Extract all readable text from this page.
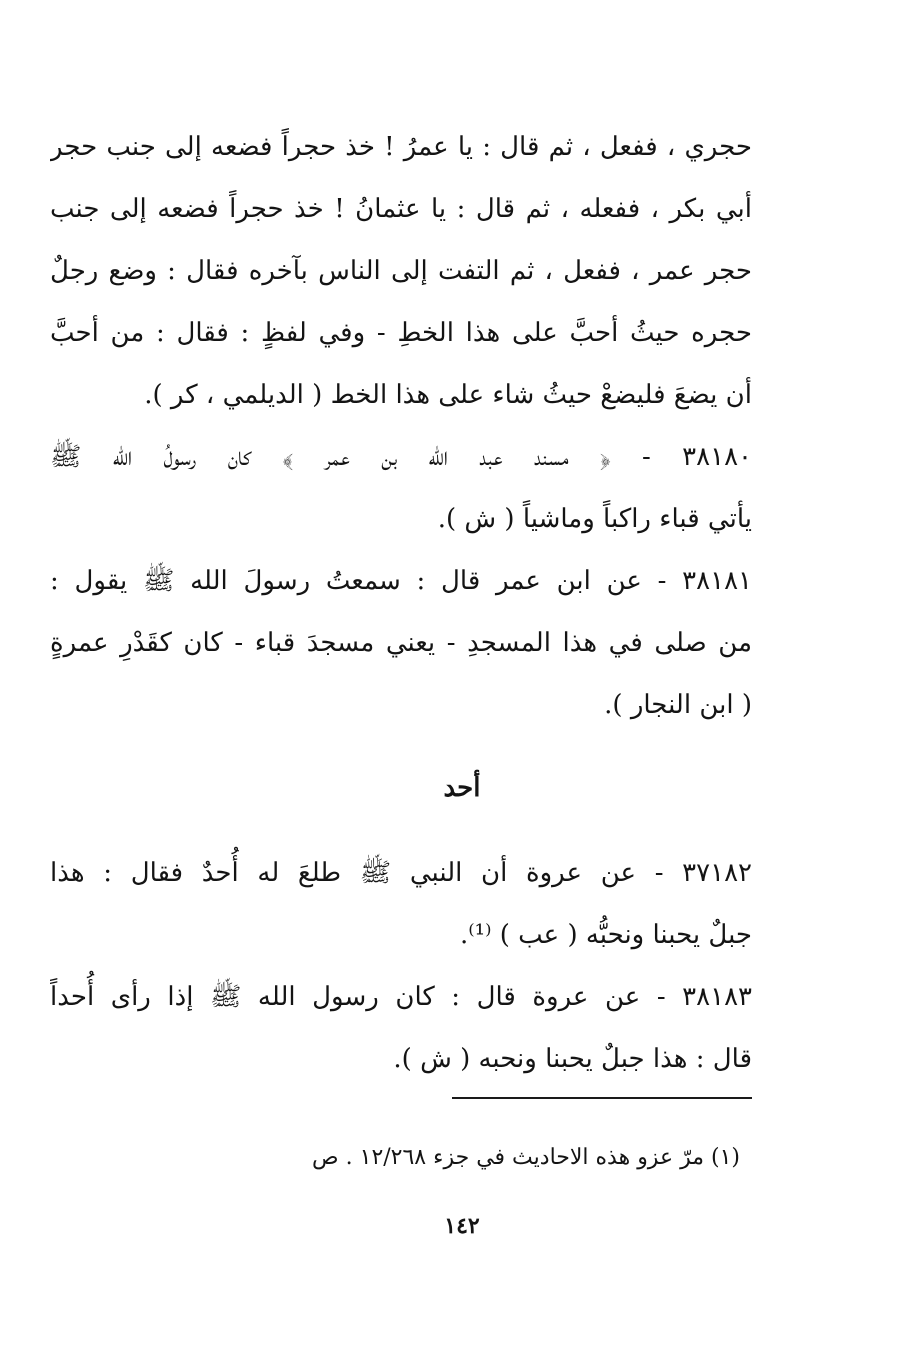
حجري ، ففعل ، ثم قال : يا عمرُ ! خذ حجراً فضعه إلى جنب حجر
أبي بكر ، ففعله ، ثم قال : يا عثمانُ ! خذ حجراً فضعه إلى جنب
حجر عمر ، ففعل ، ثم التفت إلى الناس بآخره فقال : وضع رجلٌ
حجره حيثُ أحبَّ على هذا الخطِ - وفي لفظٍ : فقال : من أحبَّ
أن يضعَ فليضعْ حيثُ شاء على هذا الخط ( الديلمي ، كر ).
٣٨١٨٠ - ﴿ مسند عبد الله بن عمر ﴾ كان رسولُ الله ﷺ
يأتي قباء راكباً وماشياً ( ش ).
٣٨١٨١ - عن ابن عمر قال : سمعتُ رسولَ الله ﷺ يقول :
من صلى في هذا المسجدِ - يعني مسجدَ قباء - كان كقَدْرِ عمرةٍ
( ابن النجار ).
أحد
٣٧١٨٢ - عن عروة أن النبي ﷺ طلعَ له أُحدٌ فقال : هذا
جبلٌ يحبنا ونحبُّه ( عب ) ⁽¹⁾.
٣٨١٨٣ - عن عروة قال : كان رسول الله ﷺ إذا رأى أُحداً
قال : هذا جبلٌ يحبنا ونحبه ( ش ).
(١) مرّ عزو هذه الاحاديث في جزء ١٢/٢٦٨ . ص
١٤٢
